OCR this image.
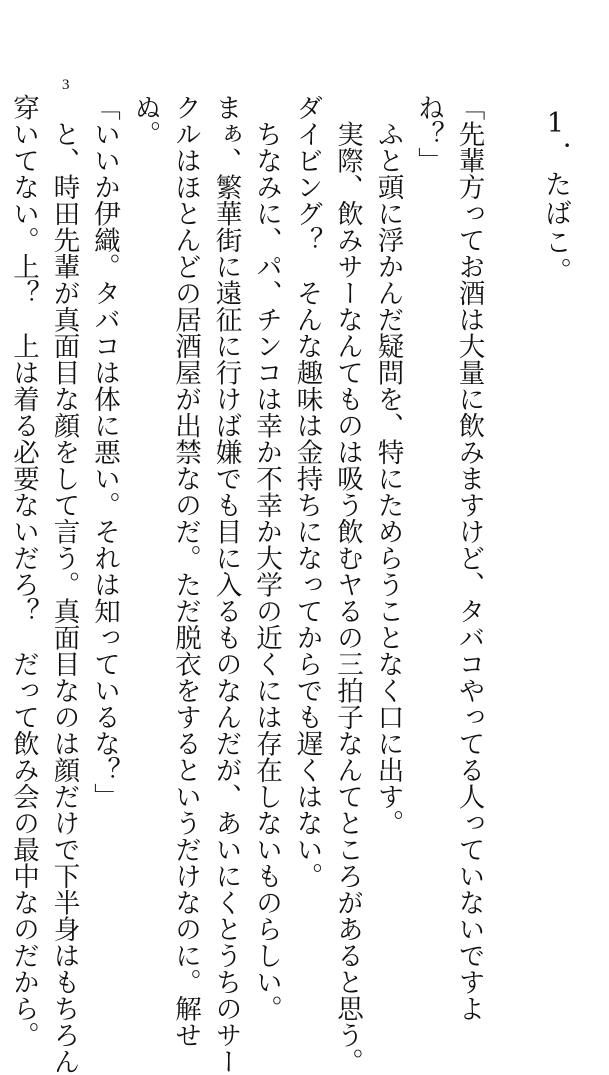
3
1．たばこ。
「先輩方ってお酒は大量に飲みますけど、タバコやってる人っていないですよ
ね？」
　ふと頭に浮かんだ疑問を、特にためらうことなく口に出す。
　実際、飲みサーなんてものは吸う飲むヤるの三拍子なんてところがあると思う。
ダイビング？　そんな趣味は金持ちになってからでも遅くはない。
　ちなみに、パ、チンコは幸か不幸か大学の近くには存在しないものらしい。
まぁ、繁華街に遠征に行けば嫌でも目に入るものなんだが、あいにくとうちのサー
クルはほとんどの居酒屋が出禁なのだ。ただ脱衣をするというだけなのに。解せ
ぬ。
「いいか伊織。タバコは体に悪い。それは知っているな？」
　と、時田先輩が真面目な顔をして言う。真面目なのは顔だけで下半身はもちろん
穿いてない。上？　上は着る必要ないだろ？　だって飲み会の最中なのだから。
